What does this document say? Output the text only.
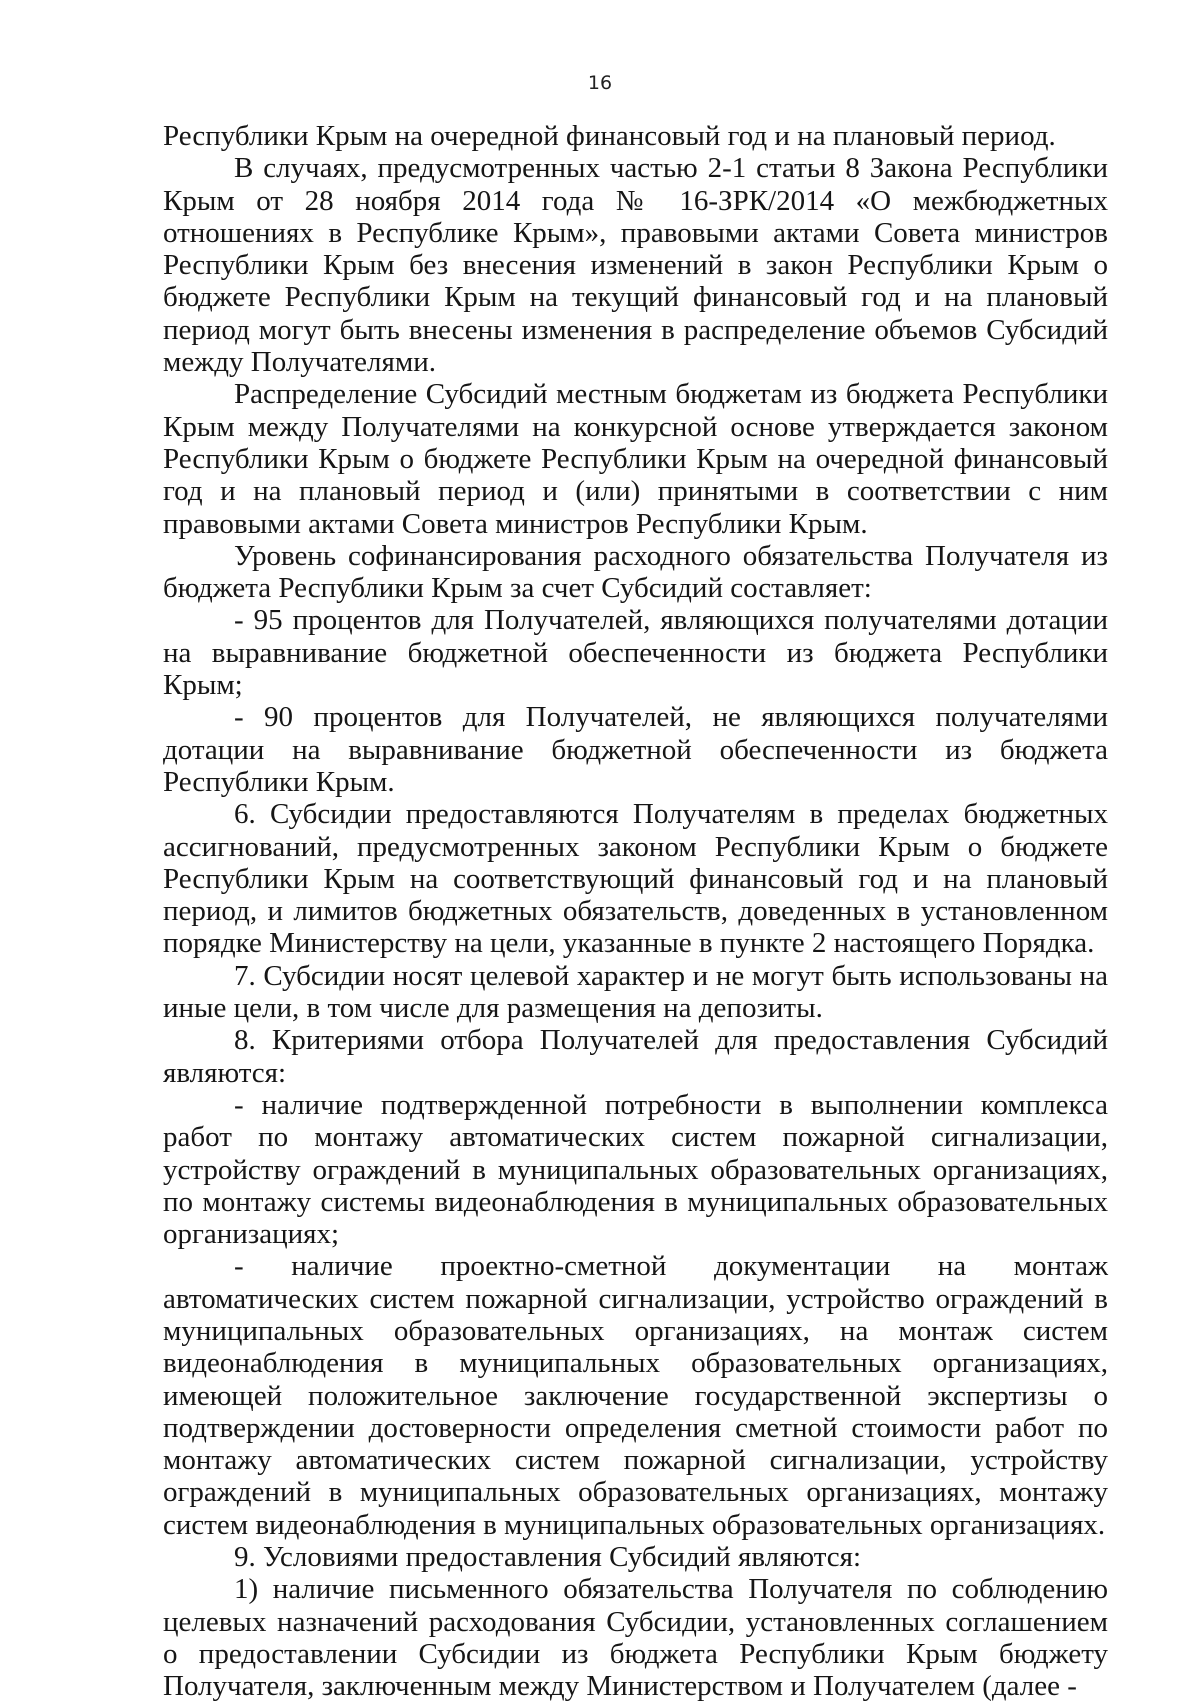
16

Республики Крым на очередной финансовый год и на плановый период.

В случаях, предусмотренных частью 2-1 статьи 8 Закона Республики Крым от 28 ноября 2014 года № 16-ЗРК/2014 «О межбюджетных отношениях в Республике Крым», правовыми актами Совета министров Республики Крым без внесения изменений в закон Республики Крым о бюджете Республики Крым на текущий финансовый год и на плановый период могут быть внесены изменения в распределение объемов Субсидий между Получателями.

Распределение Субсидий местным бюджетам из бюджета Республики Крым между Получателями на конкурсной основе утверждается законом Республики Крым о бюджете Республики Крым на очередной финансовый год и на плановый период и (или) принятыми в соответствии с ним правовыми актами Совета министров Республики Крым.

Уровень софинансирования расходного обязательства Получателя из бюджета Республики Крым за счет Субсидий составляет:

- 95 процентов для Получателей, являющихся получателями дотации на выравнивание бюджетной обеспеченности из бюджета Республики Крым;

- 90 процентов для Получателей, не являющихся получателями дотации на выравнивание бюджетной обеспеченности из бюджета Республики Крым.

6. Субсидии предоставляются Получателям в пределах бюджетных ассигнований, предусмотренных законом Республики Крым о бюджете Республики Крым на соответствующий финансовый год и на плановый период, и лимитов бюджетных обязательств, доведенных в установленном порядке Министерству на цели, указанные в пункте 2 настоящего Порядка.

7. Субсидии носят целевой характер и не могут быть использованы на иные цели, в том числе для размещения на депозиты.

8. Критериями отбора Получателей для предоставления Субсидий являются:

- наличие подтвержденной потребности в выполнении комплекса работ по монтажу автоматических систем пожарной сигнализации, устройству ограждений в муниципальных образовательных организациях, по монтажу системы видеонаблюдения в муниципальных образовательных организациях;

- наличие проектно-сметной документации на монтаж автоматических систем пожарной сигнализации, устройство ограждений в муниципальных образовательных организациях, на монтаж систем видеонаблюдения в муниципальных образовательных организациях, имеющей положительное заключение государственной экспертизы о подтверждении достоверности определения сметной стоимости работ по монтажу автоматических систем пожарной сигнализации, устройству ограждений в муниципальных образовательных организациях, монтажу систем видеонаблюдения в муниципальных образовательных организациях.

9. Условиями предоставления Субсидий являются:

1) наличие письменного обязательства Получателя по соблюдению целевых назначений расходования Субсидии, установленных соглашением о предоставлении Субсидии из бюджета Республики Крым бюджету Получателя, заключенным между Министерством и Получателем (далее -
